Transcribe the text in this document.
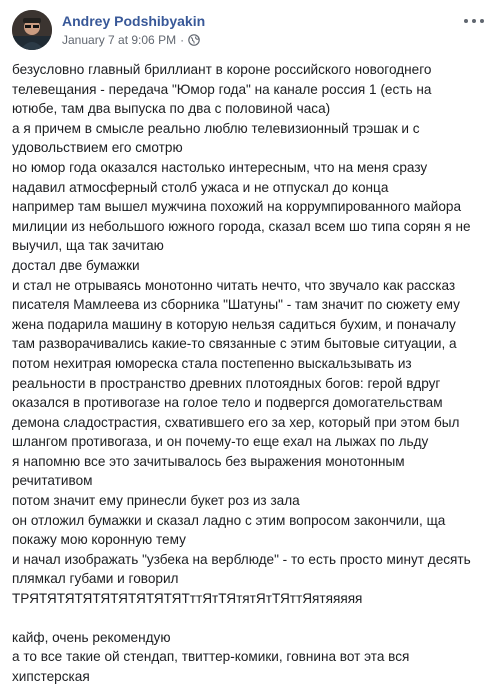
Andrey Podshibyakin
January 7 at 9:06 PM ·

безусловно главный бриллиант в короне российского новогоднего
телевещания - передача "Юмор года" на канале россия 1 (есть на
ютюбе, там два выпуска по два с половиной часа)
а я причем в смысле реально люблю телевизионный трэшак и с
удовольствием его смотрю
но юмор года оказался настолько интересным, что на меня сразу
надавил атмосферный столб ужаса и не отпускал до конца
например там вышел мужчина похожий на коррумпированного майора
милиции из небольшого южного города, сказал всем шо типа сорян я не
выучил, ща так зачитаю
достал две бумажки
и стал не отрываясь монотонно читать нечто, что звучало как рассказ
писателя Мамлеева из сборника "Шатуны" - там значит по сюжету ему
жена подарила машину в которую нельзя садиться бухим, и поначалу
там разворачивались какие-то связанные с этим бытовые ситуации, а
потом нехитрая юмореска стала постепенно выскальзывать из
реальности в пространство древних плотоядных богов: герой вдруг
оказался в противогазе на голое тело и подвергся домогательствам
демона сладострастия, схватившего его за хер, который при этом был
шлангом противогаза, и он почему-то еще ехал на лыжах по льду
я напомню все это зачитывалось без выражения монотонным
речитативом
потом значит ему принесли букет роз из зала
он отложил бумажки и сказал ладно с этим вопросом закончили, ща
покажу мою коронную тему
и начал изображать "узбека на верблюде" - то есть просто минут десять
плямкал губами и говорил
ТРЯТЯТЯТЯТЯТЯТЯТЯТЯТттЯтТЯтятЯтТЯттЯятяяяяя

кайф, очень рекомендую
а то все такие ой стендап, твиттер-комики, говнина вот эта вся
хипстерская
